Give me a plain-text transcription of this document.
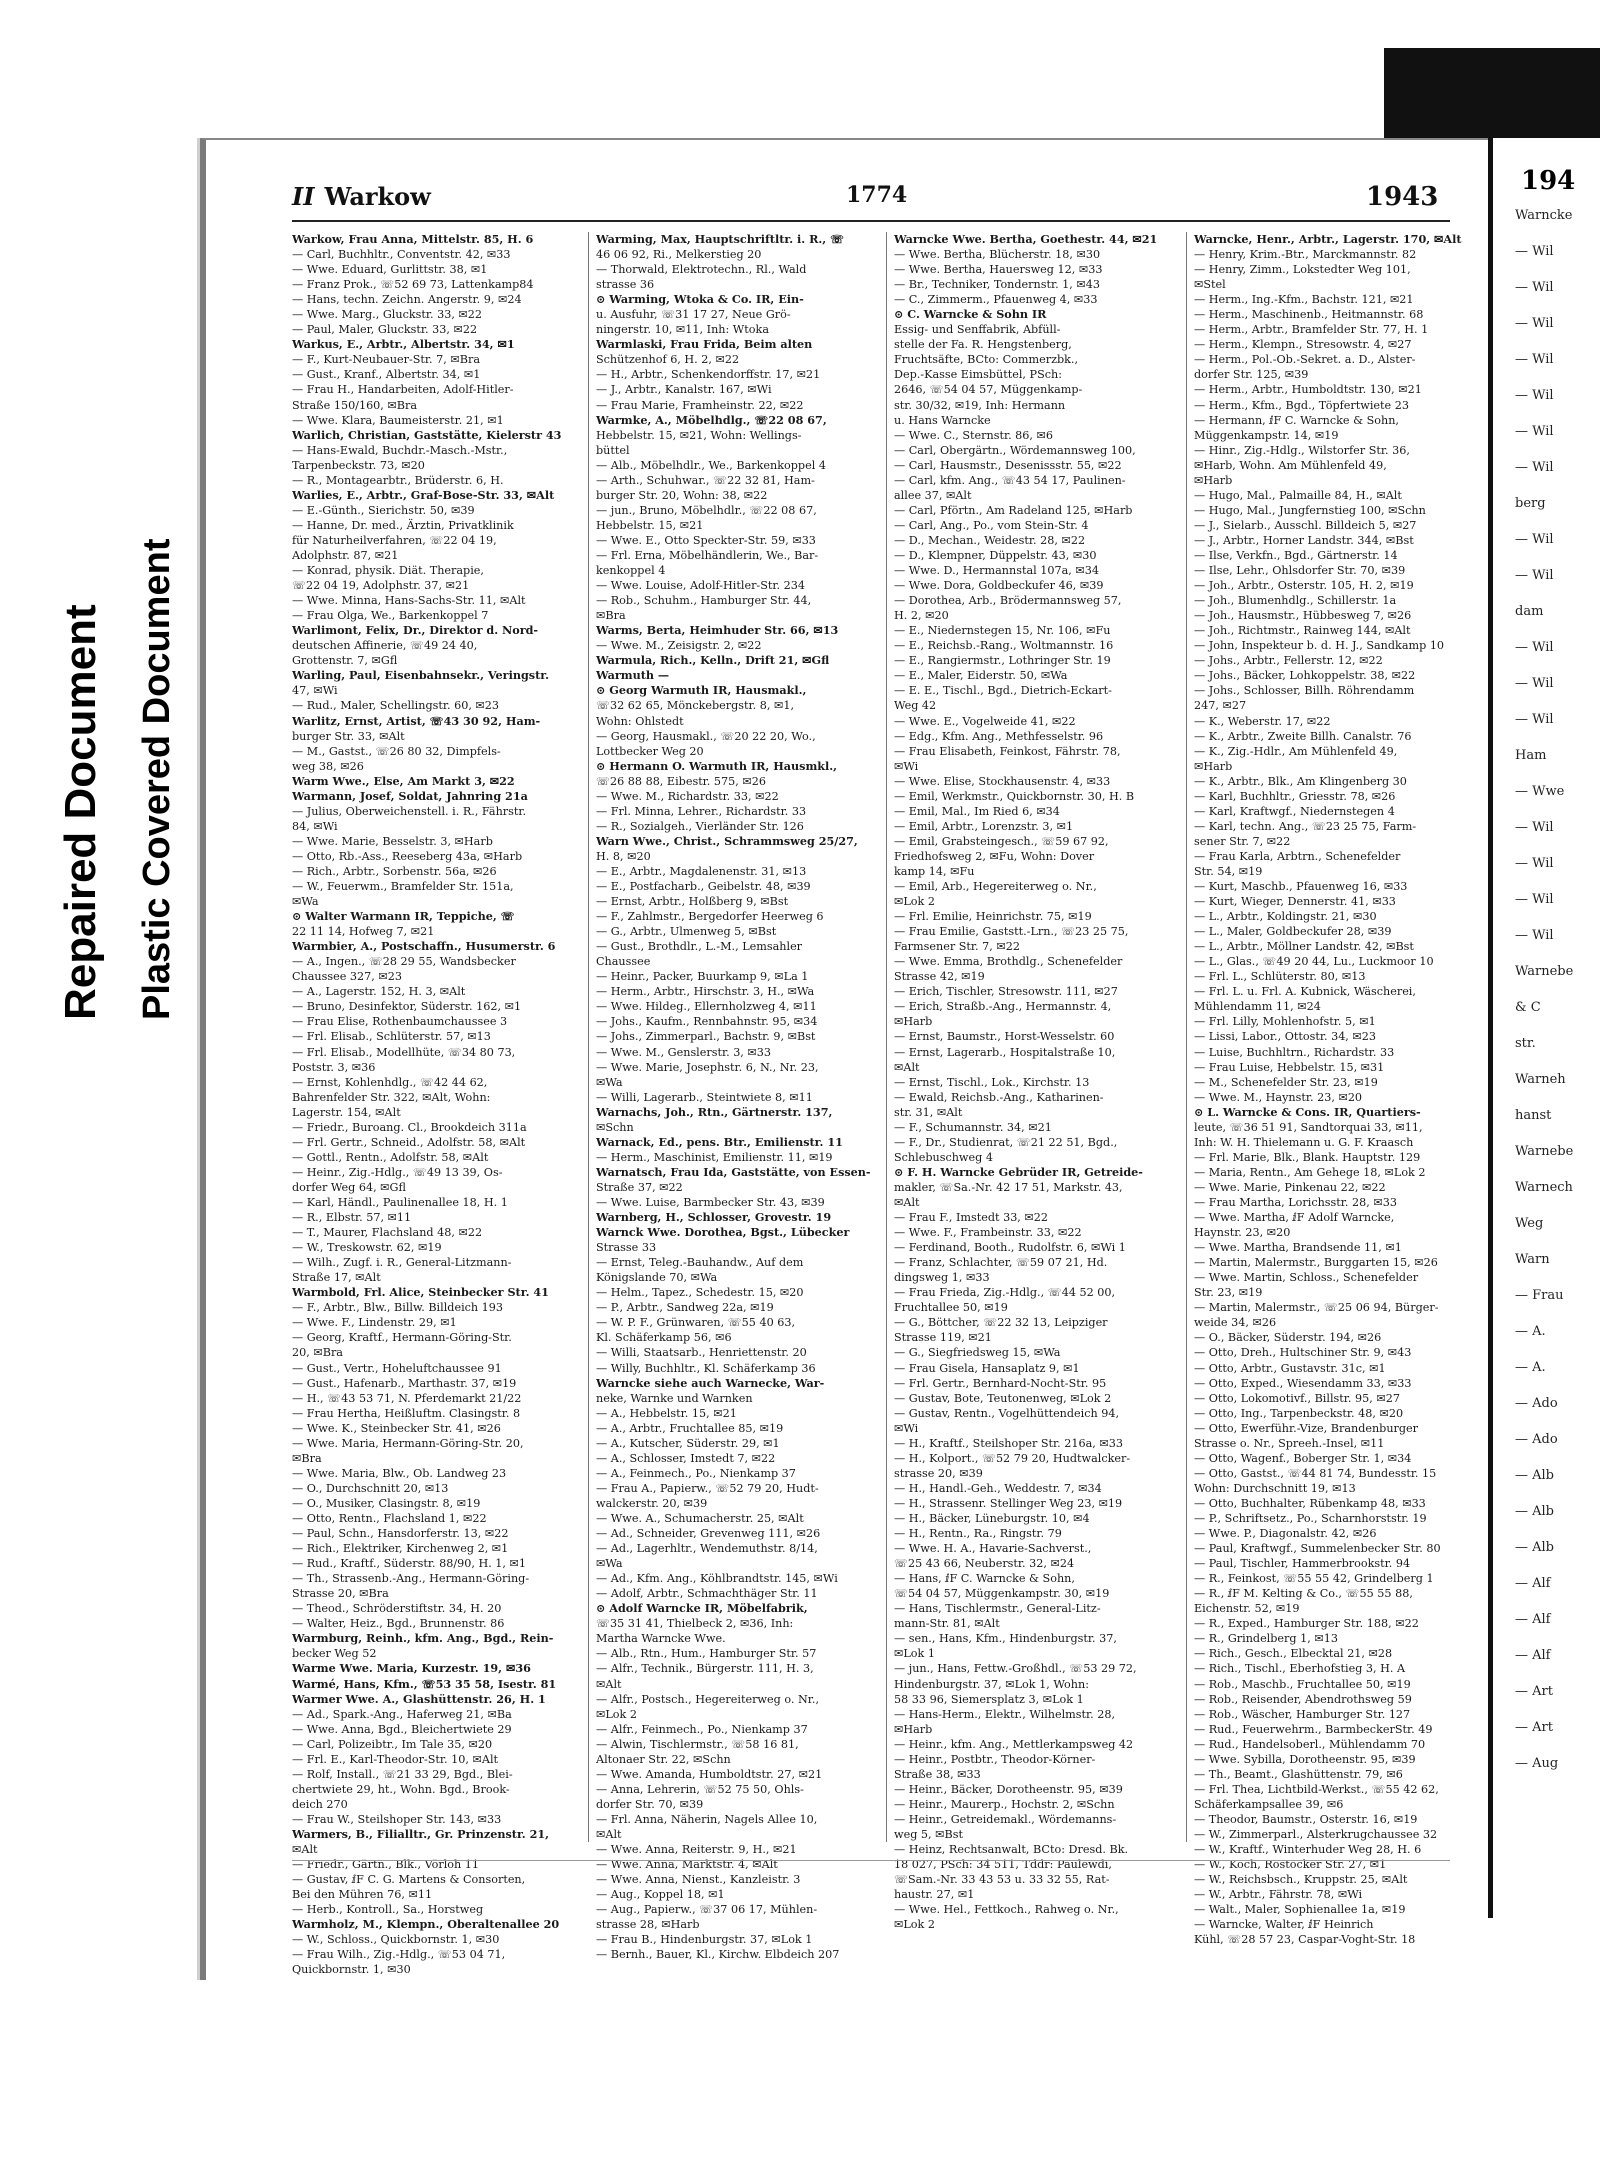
Repaired Document Plastic Covered Document
II Warkow	1774	1943
Warkow, Frau Anna, Mittelstr. 85, H. 6
— Carl, Buchhltr., Conventstr. 42, ✉33
— Wwe. Eduard, Gurlittstr. 38, ✉1
— Franz Prok., ☏52 69 73, Lattenkamp84
— Hans, techn. Zeichn. Angerstr. 9, ✉24
— Wwe. Marg., Gluckstr. 33, ✉22
— Paul, Maler, Gluckstr. 33, ✉22
Warkus, E., Arbtr., Albertstr. 34, ✉1
— F., Kurt-Neubauer-Str. 7, ✉Bra
— Gust., Kranf., Albertstr. 34, ✉1
— Frau H., Handarbeiten, Adolf-Hitler-
Straße 150/160, ✉Bra
— Wwe. Klara, Baumeisterstr. 21, ✉1
Warlich, Christian, Gaststätte, Kielerstr 43
— Hans-Ewald, Buchdr.-Masch.-Mstr.,
Tarpenbeckstr. 73, ✉20
— R., Montagearbtr., Brüderstr. 6, H.
Warlies, E., Arbtr., Graf-Bose-Str. 33, ✉Alt
— E.-Günth., Sierichstr. 50, ✉39
— Hanne, Dr. med., Ärztin, Privatklinik
für Naturheilverfahren, ☏22 04 19,
Adolphstr. 87, ✉21
— Konrad, physik. Diät. Therapie,
☏22 04 19, Adolphstr. 37, ✉21
— Wwe. Minna, Hans-Sachs-Str. 11, ✉Alt
— Frau Olga, We., Barkenkoppel 7
Warlimont, Felix, Dr., Direktor d. Nord-
deutschen Affinerie, ☏49 24 40,
Grottenstr. 7, ✉Gfl
Warling, Paul, Eisenbahnsekr., Veringstr.
47, ✉Wi
— Rud., Maler, Schellingstr. 60, ✉23
Warlitz, Ernst, Artist, ☏43 30 92, Ham-
burger Str. 33, ✉Alt
— M., Gastst., ☏26 80 32, Dimpfels-
weg 38, ✉26
Warm Wwe., Else, Am Markt 3, ✉22
Warmann, Josef, Soldat, Jahnring 21a
— Julius, Oberweichenstell. i. R., Fährstr.
84, ✉Wi
— Wwe. Marie, Besselstr. 3, ✉Harb
— Otto, Rb.-Ass., Reeseberg 43a, ✉Harb
— Rich., Arbtr., Sorbenstr. 56a, ✉26
— W., Feuerwm., Bramfelder Str. 151a,
✉Wa
⊙ Walter Warmann IR, Teppiche, ☏
22 11 14, Hofweg 7, ✉21
Warmbier, A., Postschaffn., Husumerstr. 6
— A., Ingen., ☏28 29 55, Wandsbecker
Chaussee 327, ✉23
— A., Lagerstr. 152, H. 3, ✉Alt
— Bruno, Desinfektor, Süderstr. 162, ✉1
— Frau Elise, Rothenbaumchaussee 3
— Frl. Elisab., Schlüterstr. 57, ✉13
— Frl. Elisab., Modellhüte, ☏34 80 73,
Poststr. 3, ✉36
— Ernst, Kohlenhdlg., ☏42 44 62,
Bahrenfelder Str. 322, ✉Alt, Wohn:
Lagerstr. 154, ✉Alt
— Friedr., Buroang. Cl., Brookdeich 311a
— Frl. Gertr., Schneid., Adolfstr. 58, ✉Alt
— Gottl., Rentn., Adolfstr. 58, ✉Alt
— Heinr., Zig.-Hdlg., ☏49 13 39, Os-
dorfer Weg 64, ✉Gfl
— Karl, Händl., Paulinenallee 18, H. 1
— R., Elbstr. 57, ✉11
— T., Maurer, Flachsland 48, ✉22
— W., Treskowstr. 62, ✉19
— Wilh., Zugf. i. R., General-Litzmann-
Straße 17, ✉Alt
Warmbold, Frl. Alice, Steinbecker Str. 41
— F., Arbtr., Blw., Billw. Billdeich 193
— Wwe. F., Lindenstr. 29, ✉1
— Georg, Kraftf., Hermann-Göring-Str.
20, ✉Bra
— Gust., Vertr., Hoheluftchaussee 91
— Gust., Hafenarb., Marthastr. 37, ✉19
— H., ☏43 53 71, N. Pferdemarkt 21/22
— Frau Hertha, Heißluftm. Clasingstr. 8
— Wwe. K., Steinbecker Str. 41, ✉26
— Wwe. Maria, Hermann-Göring-Str. 20,
✉Bra
— Wwe. Maria, Blw., Ob. Landweg 23
— O., Durchschnitt 20, ✉13
— O., Musiker, Clasingstr. 8, ✉19
— Otto, Rentn., Flachsland 1, ✉22
— Paul, Schn., Hansdorferstr. 13, ✉22
— Rich., Elektriker, Kirchenweg 2, ✉1
— Rud., Kraftf., Süderstr. 88/90, H. 1, ✉1
— Th., Strassenb.-Ang., Hermann-Göring-
Strasse 20, ✉Bra
— Theod., Schröderstiftstr. 34, H. 20
— Walter, Heiz., Bgd., Brunnenstr. 86
Warmburg, Reinh., kfm. Ang., Bgd., Rein-
becker Weg 52
Warme Wwe. Maria, Kurzestr. 19, ✉36
Warmé, Hans, Kfm., ☏53 35 58, Isestr. 81
Warmer Wwe. A., Glashüttenstr. 26, H. 1
— Ad., Spark.-Ang., Haferweg 21, ✉Ba
— Wwe. Anna, Bgd., Bleichertwiete 29
— Carl, Polizeibtr., Im Tale 35, ✉20
— Frl. E., Karl-Theodor-Str. 10, ✉Alt
— Rolf, Install., ☏21 33 29, Bgd., Blei-
chertwiete 29, ht., Wohn. Bgd., Brook-
deich 270
— Frau W., Steilshoper Str. 143, ✉33
Warmers, B., Filialltr., Gr. Prinzenstr. 21,
✉Alt
— Friedr., Gärtn., Blk., Vörloh 11
— Gustav, ⅈF C. G. Martens & Consorten,
Bei den Mühren 76, ✉11
— Herb., Kontroll., Sa., Horstweg
Warmholz, M., Klempn., Oberaltenallee 20
— W., Schloss., Quickbornstr. 1, ✉30
— Frau Wilh., Zig.-Hdlg., ☏53 04 71,
Quickbornstr. 1, ✉30
Warming, Max, Hauptschriftltr. i. R., ☏
46 06 92, Ri., Melkerstieg 20
— Thorwald, Elektrotechn., Rl., Wald
strasse 36
⊙ Warming, Wtoka & Co. IR, Ein-
u. Ausfuhr, ☏31 17 27, Neue Grö-
ningerstr. 10, ✉11, Inh: Wtoka
Warmlaski, Frau Frida, Beim alten
Schützenhof 6, H. 2, ✉22
— H., Arbtr., Schenkendorffstr. 17, ✉21
— J., Arbtr., Kanalstr. 167, ✉Wi
— Frau Marie, Framheinstr. 22, ✉22
Warmke, A., Möbelhdlg., ☏22 08 67,
Hebbelstr. 15, ✉21, Wohn: Wellings-
büttel
— Alb., Möbelhdlr., We., Barkenkoppel 4
— Arth., Schuhwar., ☏22 32 81, Ham-
burger Str. 20, Wohn: 38, ✉22
— jun., Bruno, Möbelhdlr., ☏22 08 67,
Hebbelstr. 15, ✉21
— Wwe. E., Otto Speckter-Str. 59, ✉33
— Frl. Erna, Möbelhändlerin, We., Bar-
kenkoppel 4
— Wwe. Louise, Adolf-Hitler-Str. 234
— Rob., Schuhm., Hamburger Str. 44,
✉Bra
Warms, Berta, Heimhuder Str. 66, ✉13
— Wwe. M., Zeisigstr. 2, ✉22
Warmula, Rich., Kelln., Drift 21, ✉Gfl
Warmuth —
⊙ Georg Warmuth IR, Hausmakl.,
☏32 62 65, Mönckebergstr. 8, ✉1,
Wohn: Ohlstedt
— Georg, Hausmakl., ☏20 22 20, Wo.,
Lottbecker Weg 20
⊙ Hermann O. Warmuth IR, Hausmkl.,
☏26 88 88, Eibestr. 575, ✉26
— Wwe. M., Richardstr. 33, ✉22
— Frl. Minna, Lehrer., Richardstr. 33
— R., Sozialgeh., Vierländer Str. 126
Warn Wwe., Christ., Schrammsweg 25/27,
H. 8, ✉20
— E., Arbtr., Magdalenenstr. 31, ✉13
— E., Postfacharb., Geibelstr. 48, ✉39
— Ernst, Arbtr., Holßberg 9, ✉Bst
— F., Zahlmstr., Bergedorfer Heerweg 6
— G., Arbtr., Ulmenweg 5, ✉Bst
— Gust., Brothdlr., L.-M., Lemsahler
Chaussee
— Heinr., Packer, Buurkamp 9, ✉La 1
— Herm., Arbtr., Hirschstr. 3, H., ✉Wa
— Wwe. Hildeg., Ellernholzweg 4, ✉11
— Johs., Kaufm., Rennbahnstr. 95, ✉34
— Johs., Zimmerparl., Bachstr. 9, ✉Bst
— Wwe. M., Genslerstr. 3, ✉33
— Wwe. Marie, Josephstr. 6, N., Nr. 23,
✉Wa
— Willi, Lagerarb., Steintwiete 8, ✉11
Warnachs, Joh., Rtn., Gärtnerstr. 137,
✉Schn
Warnack, Ed., pens. Btr., Emilienstr. 11
— Herm., Maschinist, Emilienstr. 11, ✉19
Warnatsch, Frau Ida, Gaststätte, von Essen-
Straße 37, ✉22
— Wwe. Luise, Barmbecker Str. 43, ✉39
Warnberg, H., Schlosser, Grovestr. 19
Warnck Wwe. Dorothea, Bgst., Lübecker
Strasse 33
— Ernst, Teleg.-Bauhandw., Auf dem
Königslande 70, ✉Wa
— Helm., Tapez., Schedestr. 15, ✉20
— P., Arbtr., Sandweg 22a, ✉19
— W. P. F., Grünwaren, ☏55 40 63,
Kl. Schäferkamp 56, ✉6
— Willi, Staatsarb., Henriettenstr. 20
— Willy, Buchhltr., Kl. Schäferkamp 36
Warncke siehe auch Warnecke, War-
neke, Warnke und Warnken
— A., Hebbelstr. 15, ✉21
— A., Arbtr., Fruchtallee 85, ✉19
— A., Kutscher, Süderstr. 29, ✉1
— A., Schlosser, Imstedt 7, ✉22
— A., Feinmech., Po., Nienkamp 37
— Frau A., Papierw., ☏52 79 20, Hudt-
walckerstr. 20, ✉39
— Wwe. A., Schumacherstr. 25, ✉Alt
— Ad., Schneider, Grevenweg 111, ✉26
— Ad., Lagerhltr., Wendemuthstr. 8/14,
✉Wa
— Ad., Kfm. Ang., Köhlbrandtstr. 145, ✉Wi
— Adolf, Arbtr., Schmachthäger Str. 11
⊙ Adolf Warncke IR, Möbelfabrik,
☏35 31 41, Thielbeck 2, ✉36, Inh:
Martha Warncke Wwe.
— Alb., Rtn., Hum., Hamburger Str. 57
— Alfr., Technik., Bürgerstr. 111, H. 3,
✉Alt
— Alfr., Postsch., Hegereiterweg o. Nr.,
✉Lok 2
— Alfr., Feinmech., Po., Nienkamp 37
— Alwin, Tischlermstr., ☏58 16 81,
Altonaer Str. 22, ✉Schn
— Wwe. Amanda, Humboldtstr. 27, ✉21
— Anna, Lehrerin, ☏52 75 50, Ohls-
dorfer Str. 70, ✉39
— Frl. Anna, Näherin, Nagels Allee 10,
✉Alt
— Wwe. Anna, Reiterstr. 9, H., ✉21
— Wwe. Anna, Marktstr. 4, ✉Alt
— Wwe. Anna, Nienst., Kanzleistr. 3
— Aug., Koppel 18, ✉1
— Aug., Papierw., ☏37 06 17, Mühlen-
strasse 28, ✉Harb
— Frau B., Hindenburgstr. 37, ✉Lok 1
— Bernh., Bauer, Kl., Kirchw. Elbdeich 207
Warncke Wwe. Bertha, Goethestr. 44, ✉21
— Wwe. Bertha, Blücherstr. 18, ✉30
— Wwe. Bertha, Hauersweg 12, ✉33
— Br., Techniker, Tondernstr. 1, ✉43
— C., Zimmerm., Pfauenweg 4, ✉33
⊙ C. Warncke & Sohn IR
Essig- und Senffabrik, Abfüll-
stelle der Fa. R. Hengstenberg,
Fruchtsäfte, BCto: Commerzbk.,
Dep.-Kasse Eimsbüttel, PSch:
2646, ☏54 04 57, Müggenkamp-
str. 30/32, ✉19, Inh: Hermann
u. Hans Warncke
— Wwe. C., Sternstr. 86, ✉6
— Carl, Obergärtn., Wördemannsweg 100,
— Carl, Hausmstr., Desenissstr. 55, ✉22
— Carl, kfm. Ang., ☏43 54 17, Paulinen-
allee 37, ✉Alt
— Carl, Pförtn., Am Radeland 125, ✉Harb
— Carl, Ang., Po., vom Stein-Str. 4
— D., Mechan., Weidestr. 28, ✉22
— D., Klempner, Düppelstr. 43, ✉30
— Wwe. D., Hermannstal 107a, ✉34
— Wwe. Dora, Goldbeckufer 46, ✉39
— Dorothea, Arb., Brödermannsweg 57,
H. 2, ✉20
— E., Niedernstegen 15, Nr. 106, ✉Fu
— E., Reichsb.-Rang., Woltmannstr. 16
— E., Rangiermstr., Lothringer Str. 19
— E., Maler, Eiderstr. 50, ✉Wa
— E. E., Tischl., Bgd., Dietrich-Eckart-
Weg 42
— Wwe. E., Vogelweide 41, ✉22
— Edg., Kfm. Ang., Methfesselstr. 96
— Frau Elisabeth, Feinkost, Fährstr. 78,
✉Wi
— Wwe. Elise, Stockhausenstr. 4, ✉33
— Emil, Werkmstr., Quickbornstr. 30, H. B
— Emil, Mal., Im Ried 6, ✉34
— Emil, Arbtr., Lorenzstr. 3, ✉1
— Emil, Grabsteingesch., ☏59 67 92,
Friedhofsweg 2, ✉Fu, Wohn: Dover
kamp 14, ✉Fu
— Emil, Arb., Hegereiterweg o. Nr.,
✉Lok 2
— Frl. Emilie, Heinrichstr. 75, ✉19
— Frau Emilie, Gaststt.-Lrn., ☏23 25 75,
Farmsener Str. 7, ✉22
— Wwe. Emma, Brothdlg., Schenefelder
Strasse 42, ✉19
— Erich, Tischler, Stresowstr. 111, ✉27
— Erich, Straßb.-Ang., Hermannstr. 4,
✉Harb
— Ernst, Baumstr., Horst-Wesselstr. 60
— Ernst, Lagerarb., Hospitalstraße 10,
✉Alt
— Ernst, Tischl., Lok., Kirchstr. 13
— Ewald, Reichsb.-Ang., Katharinen-
str. 31, ✉Alt
— F., Schumannstr. 34, ✉21
— F., Dr., Studienrat, ☏21 22 51, Bgd.,
Schlebuschweg 4
⊙ F. H. Warncke Gebrüder IR, Getreide-
makler, ☏Sa.-Nr. 42 17 51, Markstr. 43,
✉Alt
— Frau F., Imstedt 33, ✉22
— Wwe. F., Frambeinstr. 33, ✉22
— Ferdinand, Booth., Rudolfstr. 6, ✉Wi 1
— Franz, Schlachter, ☏59 07 21, Hd.
dingsweg 1, ✉33
— Frau Frieda, Zig.-Hdlg., ☏44 52 00,
Fruchtallee 50, ✉19
— G., Böttcher, ☏22 32 13, Leipziger
Strasse 119, ✉21
— G., Siegfriedsweg 15, ✉Wa
— Frau Gisela, Hansaplatz 9, ✉1
— Frl. Gertr., Bernhard-Nocht-Str. 95
— Gustav, Bote, Teutonenweg, ✉Lok 2
— Gustav, Rentn., Vogelhüttendeich 94,
✉Wi
— H., Kraftf., Steilshoper Str. 216a, ✉33
— H., Kolport., ☏52 79 20, Hudtwalcker-
strasse 20, ✉39
— H., Handl.-Geh., Weddestr. 7, ✉34
— H., Strassenr. Stellinger Weg 23, ✉19
— H., Bäcker, Lüneburgstr. 10, ✉4
— H., Rentn., Ra., Ringstr. 79
— Wwe. H. A., Havarie-Sachverst.,
☏25 43 66, Neuberstr. 32, ✉24
— Hans, ⅈF C. Warncke & Sohn,
☏54 04 57, Müggenkampstr. 30, ✉19
— Hans, Tischlermstr., General-Litz-
mann-Str. 81, ✉Alt
— sen., Hans, Kfm., Hindenburgstr. 37,
✉Lok 1
— jun., Hans, Fettw.-Großhdl., ☏53 29 72,
Hindenburgstr. 37, ✉Lok 1, Wohn:
58 33 96, Siemersplatz 3, ✉Lok 1
— Hans-Herm., Elektr., Wilhelmstr. 28,
✉Harb
— Heinr., kfm. Ang., Mettlerkampsweg 42
— Heinr., Postbtr., Theodor-Körner-
Straße 38, ✉33
— Heinr., Bäcker, Dorotheenstr. 95, ✉39
— Heinr., Maurerp., Hochstr. 2, ✉Schn
— Heinr., Getreidemakl., Wördemanns-
weg 5, ✉Bst
— Heinz, Rechtsanwalt, BCto: Dresd. Bk.
18 027, PSch: 34 511, Tddr: Paulewdi,
☏Sam.-Nr. 33 43 53 u. 33 32 55, Rat-
haustr. 27, ✉1
— Wwe. Hel., Fettkoch., Rahweg o. Nr.,
✉Lok 2
Warncke, Henr., Arbtr., Lagerstr. 170, ✉Alt
— Henry, Krim.-Btr., Marckmannstr. 82
— Henry, Zimm., Lokstedter Weg 101,
✉Stel
— Herm., Ing.-Kfm., Bachstr. 121, ✉21
— Herm., Maschinenb., Heitmannstr. 68
— Herm., Arbtr., Bramfelder Str. 77, H. 1
— Herm., Klempn., Stresowstr. 4, ✉27
— Herm., Pol.-Ob.-Sekret. a. D., Alster-
dorfer Str. 125, ✉39
— Herm., Arbtr., Humboldtstr. 130, ✉21
— Herm., Kfm., Bgd., Töpfertwiete 23
— Hermann, ⅈF C. Warncke & Sohn,
Müggenkampstr. 14, ✉19
— Hinr., Zig.-Hdlg., Wilstorfer Str. 36,
✉Harb, Wohn. Am Mühlenfeld 49,
✉Harb
— Hugo, Mal., Palmaille 84, H., ✉Alt
— Hugo, Mal., Jungfernstieg 100, ✉Schn
— J., Sielarb., Ausschl. Billdeich 5, ✉27
— J., Arbtr., Horner Landstr. 344, ✉Bst
— Ilse, Verkfn., Bgd., Gärtnerstr. 14
— Ilse, Lehr., Ohlsdorfer Str. 70, ✉39
— Joh., Arbtr., Osterstr. 105, H. 2, ✉19
— Joh., Blumenhdlg., Schillerstr. 1a
— Joh., Hausmstr., Hübbesweg 7, ✉26
— Joh., Richtmstr., Rainweg 144, ✉Alt
— John, Inspekteur b. d. H. J., Sandkamp 10
— Johs., Arbtr., Fellerstr. 12, ✉22
— Johs., Bäcker, Lohkoppelstr. 38, ✉22
— Johs., Schlosser, Billh. Röhrendamm
247, ✉27
— K., Weberstr. 17, ✉22
— K., Arbtr., Zweite Billh. Canalstr. 76
— K., Zig.-Hdlr., Am Mühlenfeld 49,
✉Harb
— K., Arbtr., Blk., Am Klingenberg 30
— Karl, Buchhltr., Griesstr. 78, ✉26
— Karl, Kraftwgf., Niedernstegen 4
— Karl, techn. Ang., ☏23 25 75, Farm-
sener Str. 7, ✉22
— Frau Karla, Arbtrn., Schenefelder
Str. 54, ✉19
— Kurt, Maschb., Pfauenweg 16, ✉33
— Kurt, Wieger, Dennerstr. 41, ✉33
— L., Arbtr., Koldingstr. 21, ✉30
— L., Maler, Goldbeckufer 28, ✉39
— L., Arbtr., Möllner Landstr. 42, ✉Bst
— L., Glas., ☏49 20 44, Lu., Luckmoor 10
— Frl. L., Schlüterstr. 80, ✉13
— Frl. L. u. Frl. A. Kubnick, Wäscherei,
Mühlendamm 11, ✉24
— Frl. Lilly, Mohlenhofstr. 5, ✉1
— Lissi, Labor., Ottostr. 34, ✉23
— Luise, Buchhltrn., Richardstr. 33
— Frau Luise, Hebbelstr. 15, ✉31
— M., Schenefelder Str. 23, ✉19
— Wwe. M., Haynstr. 23, ✉20
⊙ L. Warncke & Cons. IR, Quartiers-
leute, ☏36 51 91, Sandtorquai 33, ✉11,
Inh: W. H. Thielemann u. G. F. Kraasch
— Frl. Marie, Blk., Blank. Hauptstr. 129
— Maria, Rentn., Am Gehege 18, ✉Lok 2
— Wwe. Marie, Pinkenau 22, ✉22
— Frau Martha, Lorichsstr. 28, ✉33
— Wwe. Martha, ⅈF Adolf Warncke,
Haynstr. 23, ✉20
— Wwe. Martha, Brandsende 11, ✉1
— Martin, Malermstr., Burggarten 15, ✉26
— Wwe. Martin, Schloss., Schenefelder
Str. 23, ✉19
— Martin, Malermstr., ☏25 06 94, Bürger-
weide 34, ✉26
— O., Bäcker, Süderstr. 194, ✉26
— Otto, Dreh., Hultschiner Str. 9, ✉43
— Otto, Arbtr., Gustavstr. 31c, ✉1
— Otto, Exped., Wiesendamm 33, ✉33
— Otto, Lokomotivf., Billstr. 95, ✉27
— Otto, Ing., Tarpenbeckstr. 48, ✉20
— Otto, Ewerführ.-Vize, Brandenburger
Strasse o. Nr., Spreeh.-Insel, ✉11
— Otto, Wagenf., Boberger Str. 1, ✉34
— Otto, Gastst., ☏44 81 74, Bundesstr. 15
Wohn: Durchschnitt 19, ✉13
— Otto, Buchhalter, Rübenkamp 48, ✉33
— P., Schriftsetz., Po., Scharnhorststr. 19
— Wwe. P., Diagonalstr. 42, ✉26
— Paul, Kraftwgf., Summelenbecker Str. 80
— Paul, Tischler, Hammerbrookstr. 94
— R., Feinkost, ☏55 55 42, Grindelberg 1
— R., ⅈF M. Kelting & Co., ☏55 55 88,
Eichenstr. 52, ✉19
— R., Exped., Hamburger Str. 188, ✉22
— R., Grindelberg 1, ✉13
— Rich., Gesch., Elbecktal 21, ✉28
— Rich., Tischl., Eberhofstieg 3, H. A
— Rob., Maschb., Fruchtallee 50, ✉19
— Rob., Reisender, Abendrothsweg 59
— Rob., Wäscher, Hamburger Str. 127
— Rud., Feuerwehrm., BarmbeckerStr. 49
— Rud., Handelsoberl., Mühlendamm 70
— Wwe. Sybilla, Dorotheenstr. 95, ✉39
— Th., Beamt., Glashüttenstr. 79, ✉6
— Frl. Thea, Lichtbild-Werkst., ☏55 42 62,
Schäferkampsallee 39, ✉6
— Theodor, Baumstr., Osterstr. 16, ✉19
— W., Zimmerparl., Alsterkrugchaussee 32
— W., Kraftf., Winterhuder Weg 28, H. 6
— W., Koch, Rostocker Str. 27, ✉1
— W., Reichsbsch., Kruppstr. 25, ✉Alt
— W., Arbtr., Fährstr. 78, ✉Wi
— Walt., Maler, Sophienallee 1a, ✉19
— Warncke, Walter, ⅈF Heinrich
Kühl, ☏28 57 23, Caspar-Voght-Str. 18
194
Warncke
— Wil
— Wil
— Wil
— Wil
— Wil
— Wil
— Wil
berg
— Wil
— Wil
dam
— Wil
— Wil
— Wil
Ham
— Wwe
— Wil
— Wil
— Wil
— Wil
Warnebe
& C
str.
Warneh
hanst
Warnebe
Warnech
Weg
Warn
— Frau
— A.
— A.
— Ado
— Ado
— Alb
— Alb
— Alb
— Alf
— Alf
— Alf
— Art
— Art
— Aug
